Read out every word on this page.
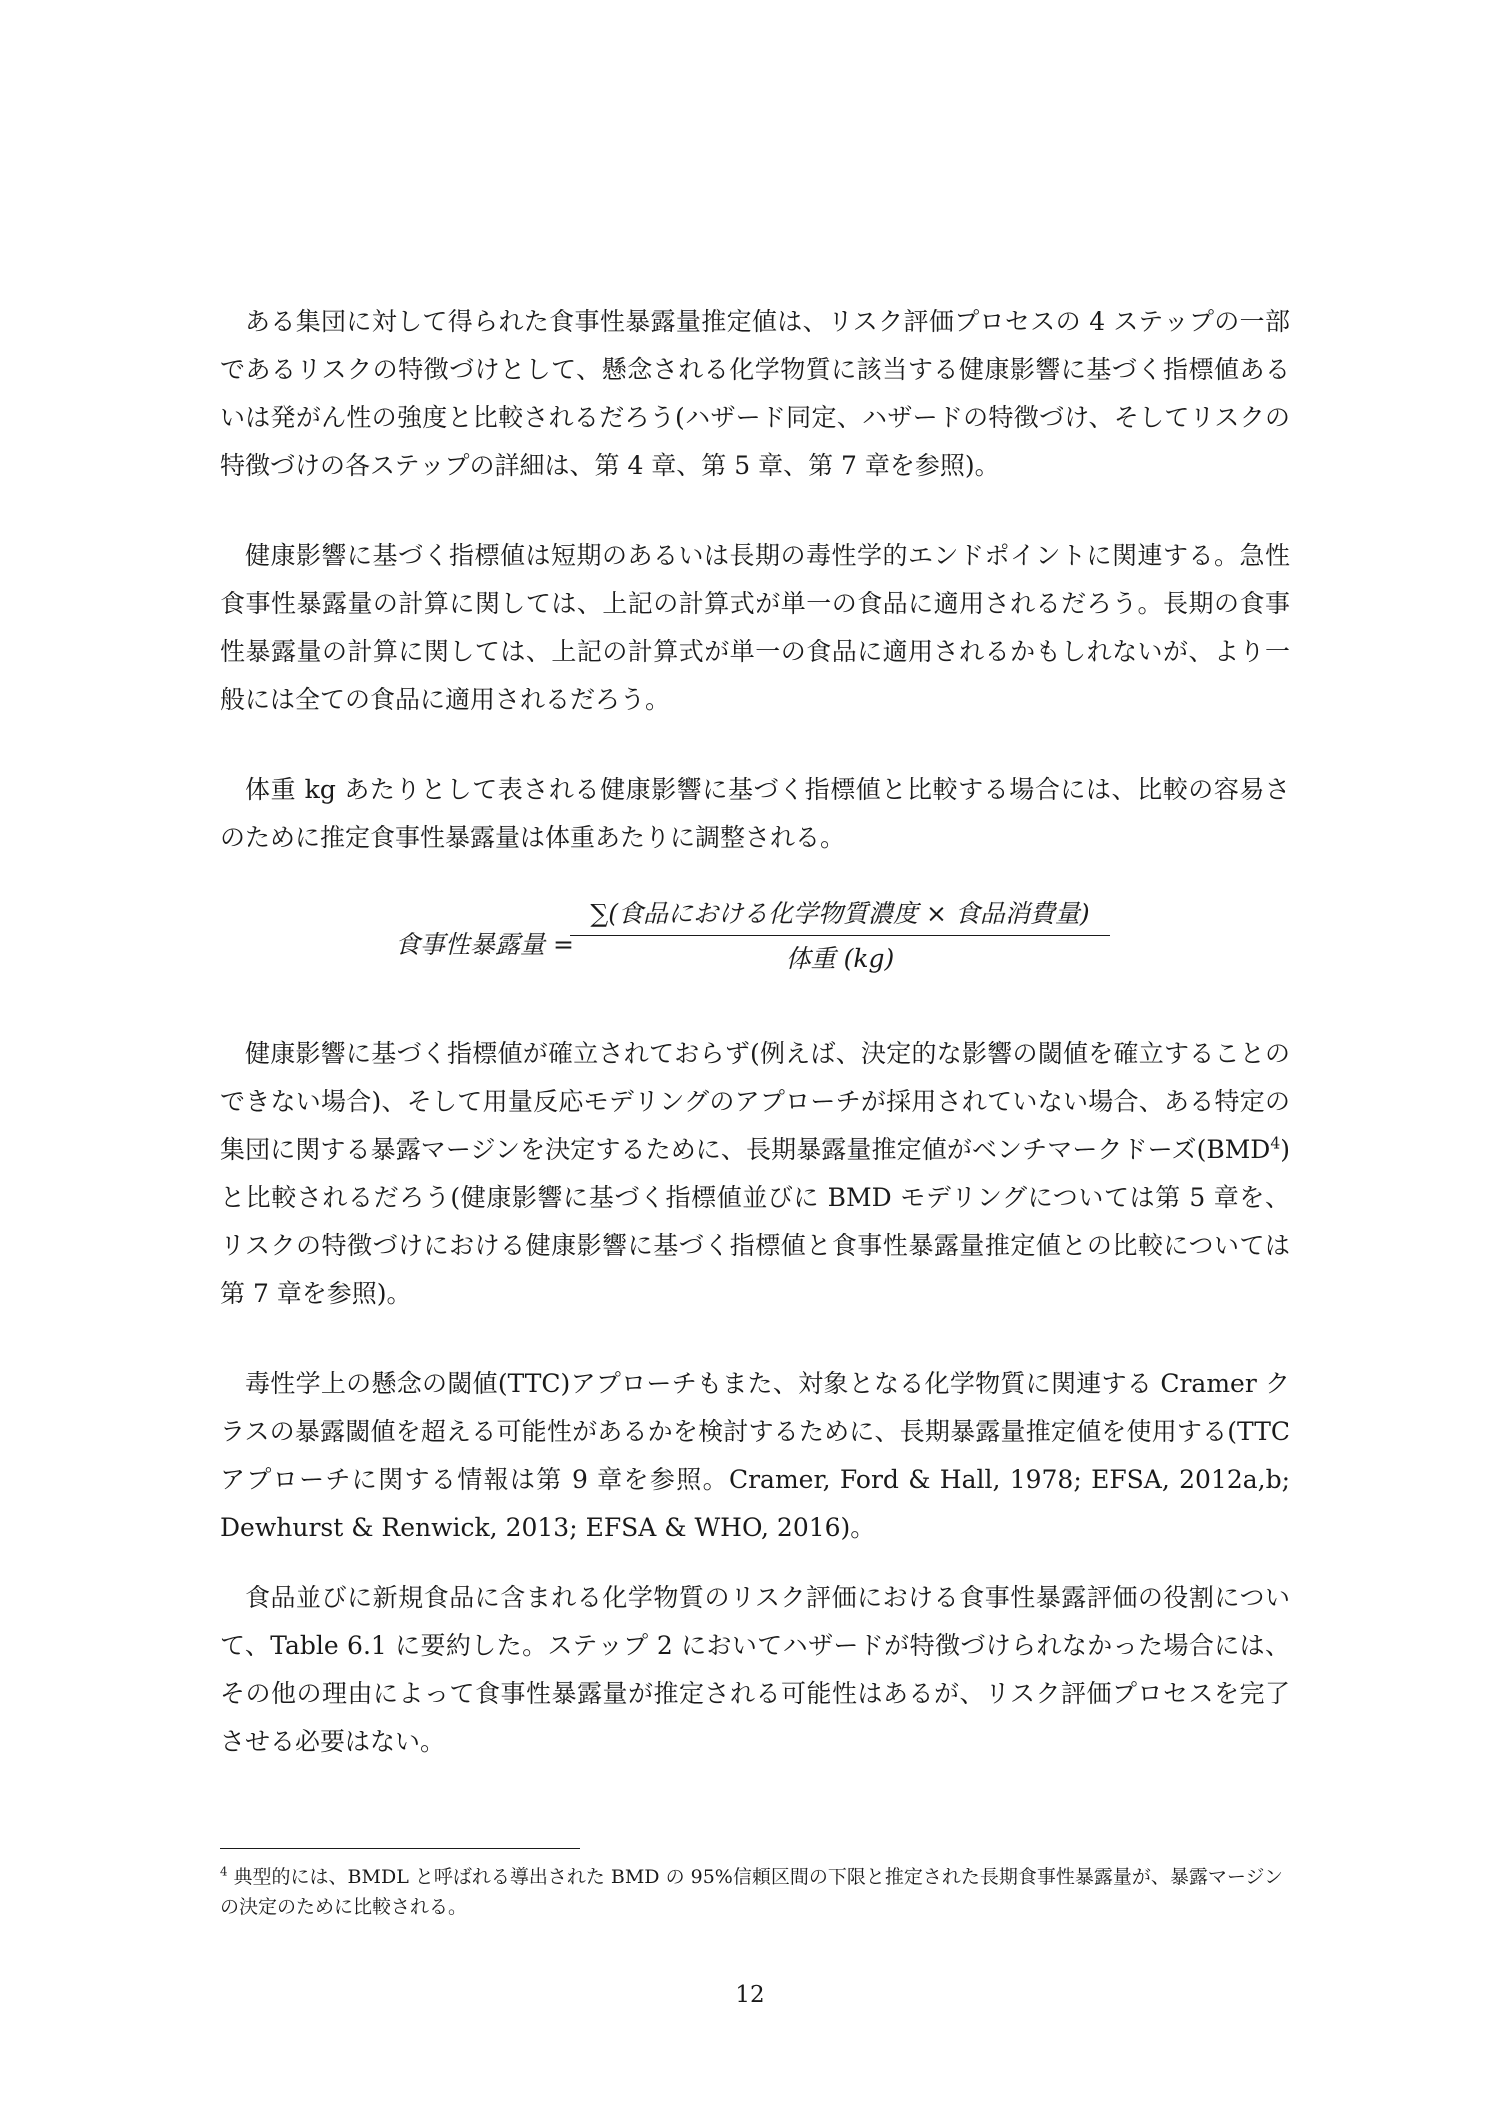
ある集団に対して得られた食事性暴露量推定値は、リスク評価プロセスの 4 ステップの一部であるリスクの特徴づけとして、懸念される化学物質に該当する健康影響に基づく指標値あるいは発がん性の強度と比較されるだろう(ハザード同定、ハザードの特徴づけ、そしてリスクの特徴づけの各ステップの詳細は、第 4 章、第 5 章、第 7 章を参照)。

健康影響に基づく指標値は短期のあるいは長期の毒性学的エンドポイントに関連する。急性食事性暴露量の計算に関しては、上記の計算式が単一の食品に適用されるだろう。長期の食事性暴露量の計算に関しては、上記の計算式が単一の食品に適用されるかもしれないが、より一般には全ての食品に適用されるだろう。

体重 kg あたりとして表される健康影響に基づく指標値と比較する場合には、比較の容易さのために推定食事性暴露量は体重あたりに調整される。

食事性暴露量 =
∑(食品における化学物質濃度 × 食品消費量)
体重 (kg)

健康影響に基づく指標値が確立されておらず(例えば、決定的な影響の閾値を確立することのできない場合)、そして用量反応モデリングのアプローチが採用されていない場合、ある特定の集団に関する暴露マージンを決定するために、長期暴露量推定値がベンチマークドーズ(BMD$^4$)と比較されるだろう(健康影響に基づく指標値並びに BMD モデリングについては第 5 章を、リスクの特徴づけにおける健康影響に基づく指標値と食事性暴露量推定値との比較については第 7 章を参照)。

毒性学上の懸念の閾値(TTC)アプローチもまた、対象となる化学物質に関連する Cramer クラスの暴露閾値を超える可能性があるかを検討するために、長期暴露量推定値を使用する(TTC アプローチに関する情報は第 9 章を参照。Cramer, Ford & Hall, 1978; EFSA, 2012a,b; Dewhurst & Renwick, 2013; EFSA & WHO, 2016)。

食品並びに新規食品に含まれる化学物質のリスク評価における食事性暴露評価の役割について、Table 6.1 に要約した。ステップ 2 においてハザードが特徴づけられなかった場合には、その他の理由によって食事性暴露量が推定される可能性はあるが、リスク評価プロセスを完了させる必要はない。

$^4$ 典型的には、BMDL と呼ばれる導出された BMD の 95%信頼区間の下限と推定された長期食事性暴露量が、暴露マージンの決定のために比較される。

12
